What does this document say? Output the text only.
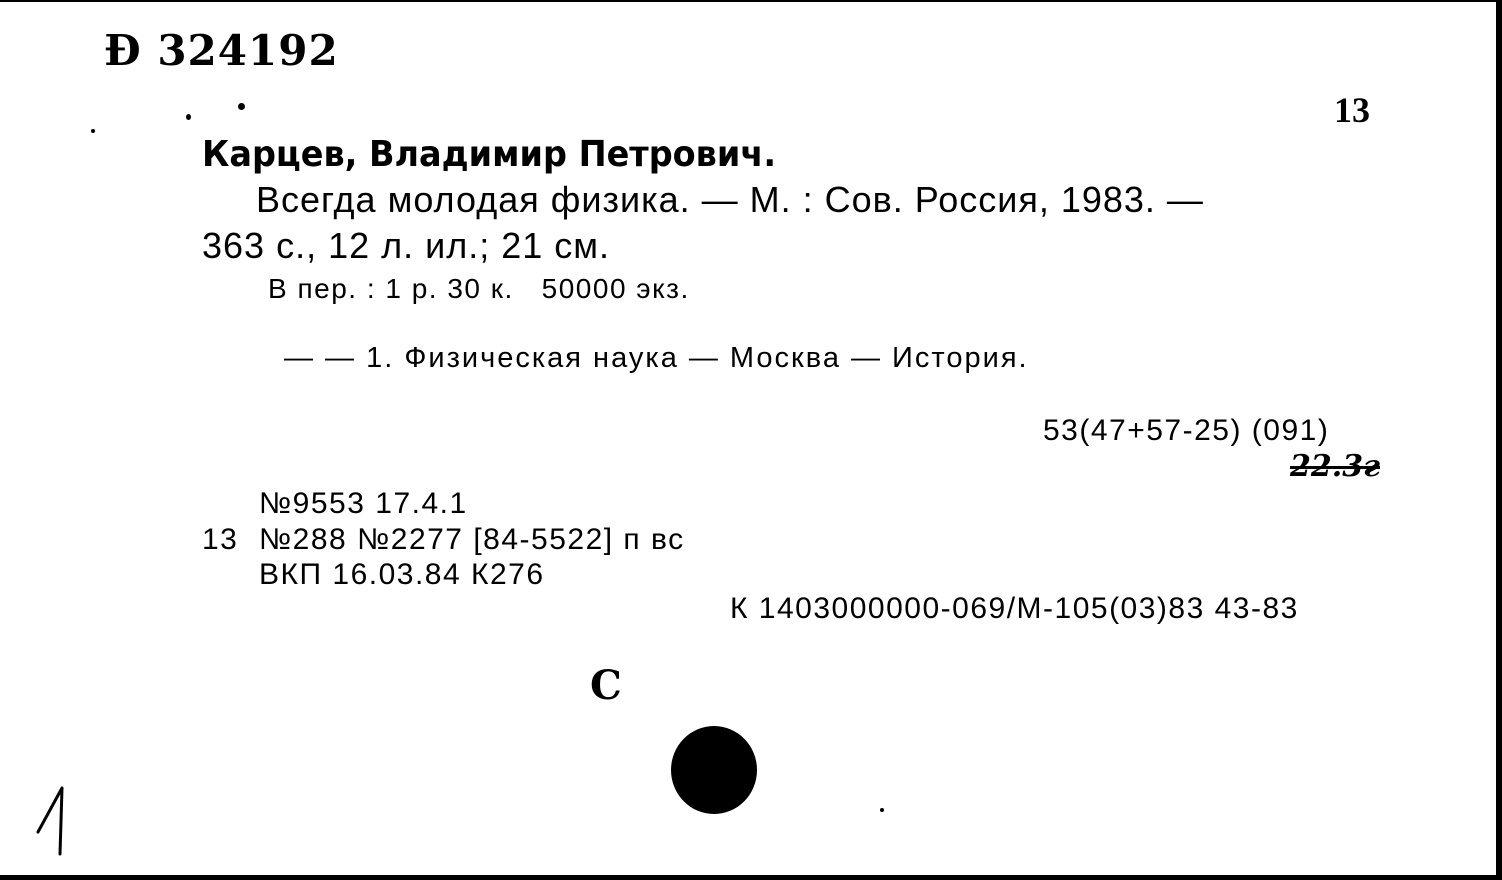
Ð 324192
13
Карцев, Владимир Петрович.
Всегда молодая физика. — М. : Сов. Россия, 1983. —
363 с., 12 л. ил.; 21 см.
В пер. : 1 р. 30 к.   50000 экз.
— — 1. Физическая наука — Москва — История.
53(47+57-25) (091)
22.3г
№9553 17.4.1
13 №288 №2277 [84-5522] п вс
ВКП 16.03.84 К276
К 1403000000-069/М-105(03)83 43-83
С
1
